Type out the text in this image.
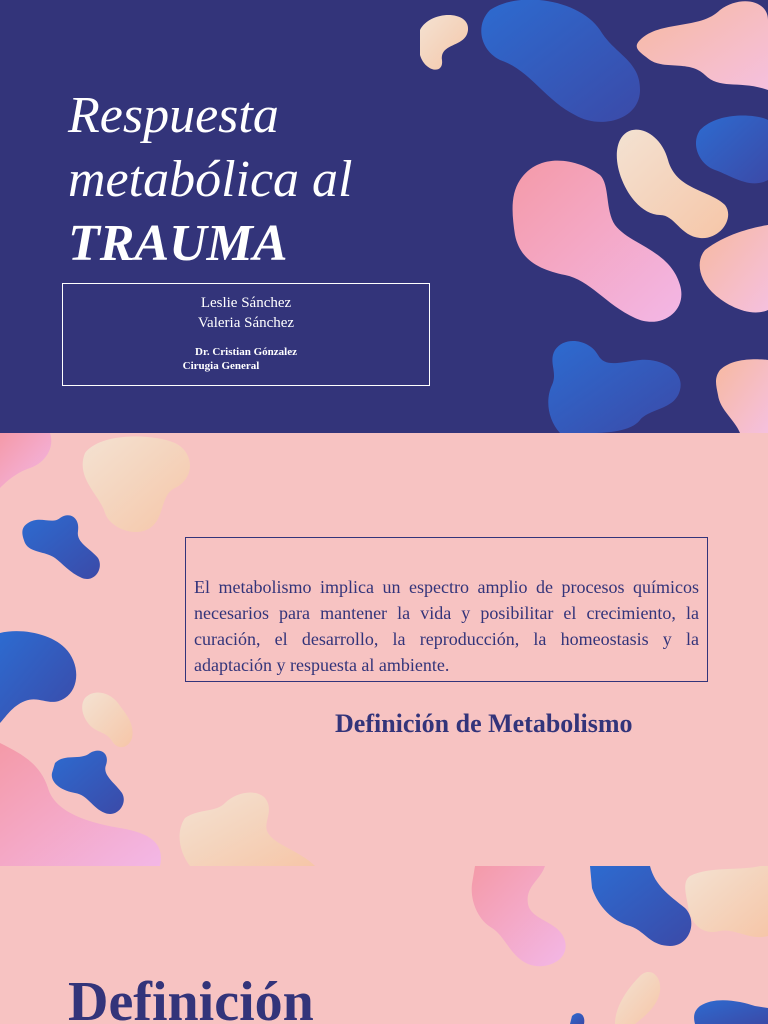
Respuesta
metabólica al
TRAUMA
Leslie Sánchez
Valeria Sánchez
Dr. Cristian Gónzalez
Cirugia General
El metabolismo implica un espectro amplio de procesos químicos necesarios para mantener la vida y posibilitar el crecimiento, la curación, el desarrollo, la reproducción, la homeostasis y la adaptación y respuesta al ambiente.
Definición de Metabolismo
Definición
